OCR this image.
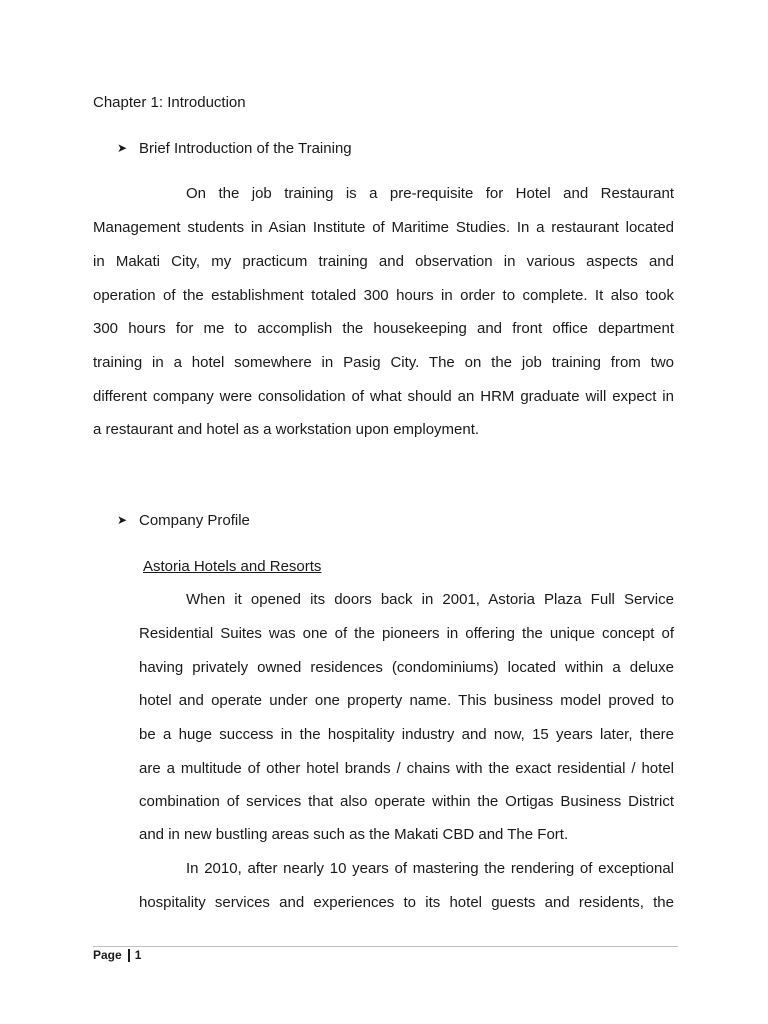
Chapter 1: Introduction
➤ Brief Introduction of the Training
On the job training is a pre-requisite for Hotel and Restaurant
Management students in Asian Institute of Maritime Studies. In a restaurant located
in Makati City, my practicum training and observation in various aspects and
operation of the establishment totaled 300 hours in order to complete. It also took
300 hours for me to accomplish the housekeeping and front office department
training in a hotel somewhere in Pasig City. The on the job training from two
different company were consolidation of what should an HRM graduate will expect in
a restaurant and hotel as a workstation upon employment.
➤ Company Profile
Astoria Hotels and Resorts
When it opened its doors back in 2001, Astoria Plaza Full Service
Residential Suites was one of the pioneers in offering the unique concept of
having privately owned residences (condominiums) located within a deluxe
hotel and operate under one property name. This business model proved to
be a huge success in the hospitality industry and now, 15 years later, there
are a multitude of other hotel brands / chains with the exact residential / hotel
combination of services that also operate within the Ortigas Business District
and in new bustling areas such as the Makati CBD and The Fort.
In 2010, after nearly 10 years of mastering the rendering of exceptional
hospitality services and experiences to its hotel guests and residents, the
Page 1
